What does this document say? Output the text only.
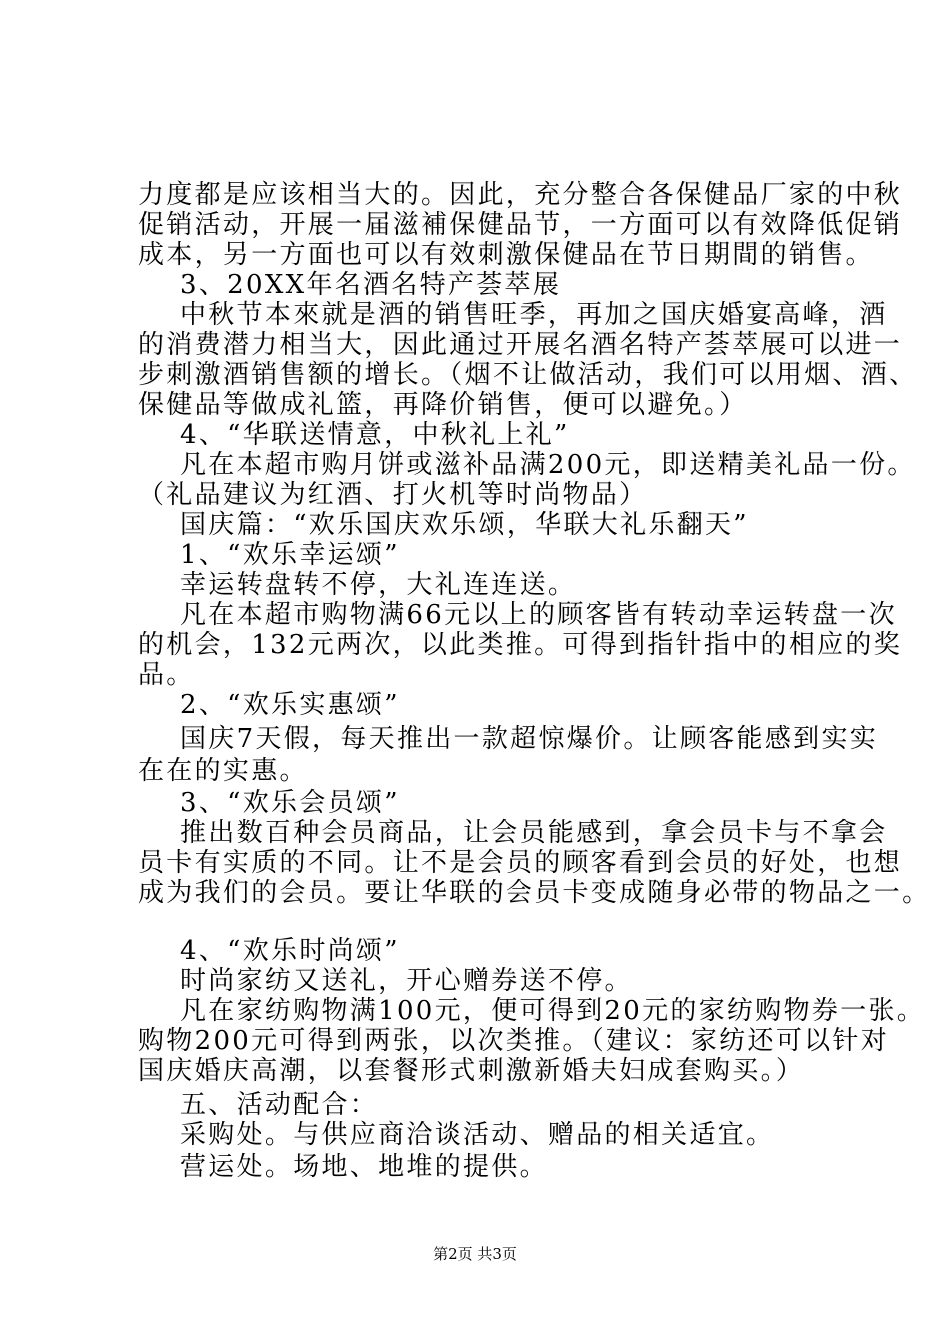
力度都是应该相当大的。因此，充分整合各保健品厂家的中秋
促销活动，开展一届滋補保健品节，一方面可以有效降低促销
成本，另一方面也可以有效刺激保健品在节日期間的销售。
3、20XX年名酒名特产荟萃展
中秋节本來就是酒的销售旺季，再加之国庆婚宴高峰，酒
的消费潜力相当大，因此通过开展名酒名特产荟萃展可以进一
步刺激酒销售额的增长。（烟不让做活动，我们可以用烟、酒、
保健品等做成礼篮，再降价销售，便可以避免。）
4、“华联送情意，中秋礼上礼”
凡在本超市购月饼或滋补品满200元，即送精美礼品一份。
（礼品建议为红酒、打火机等时尚物品）
国庆篇：“欢乐国庆欢乐颂，华联大礼乐翻天”
1、“欢乐幸运颂”
幸运转盘转不停，大礼连连送。
凡在本超市购物满66元以上的顾客皆有转动幸运转盘一次
的机会，132元两次，以此类推。可得到指针指中的相应的奖
品。
2、“欢乐实惠颂”
国庆7天假，每天推出一款超惊爆价。让顾客能感到实实
在在的实惠。
3、“欢乐会员颂”
推出数百种会员商品，让会员能感到，拿会员卡与不拿会
员卡有实质的不同。让不是会员的顾客看到会员的好处，也想
成为我们的会员。要让华联的会员卡变成随身必带的物品之一。
4、“欢乐时尚颂”
时尚家纺又送礼，开心赠券送不停。
凡在家纺购物满100元，便可得到20元的家纺购物券一张。
购物200元可得到两张，以次类推。（建议：家纺还可以针对
国庆婚庆高潮，以套餐形式刺激新婚夫妇成套购买。）
五、活动配合：
采购处。与供应商洽谈活动、赠品的相关适宜。
营运处。场地、地堆的提供。
第2页 共3页
